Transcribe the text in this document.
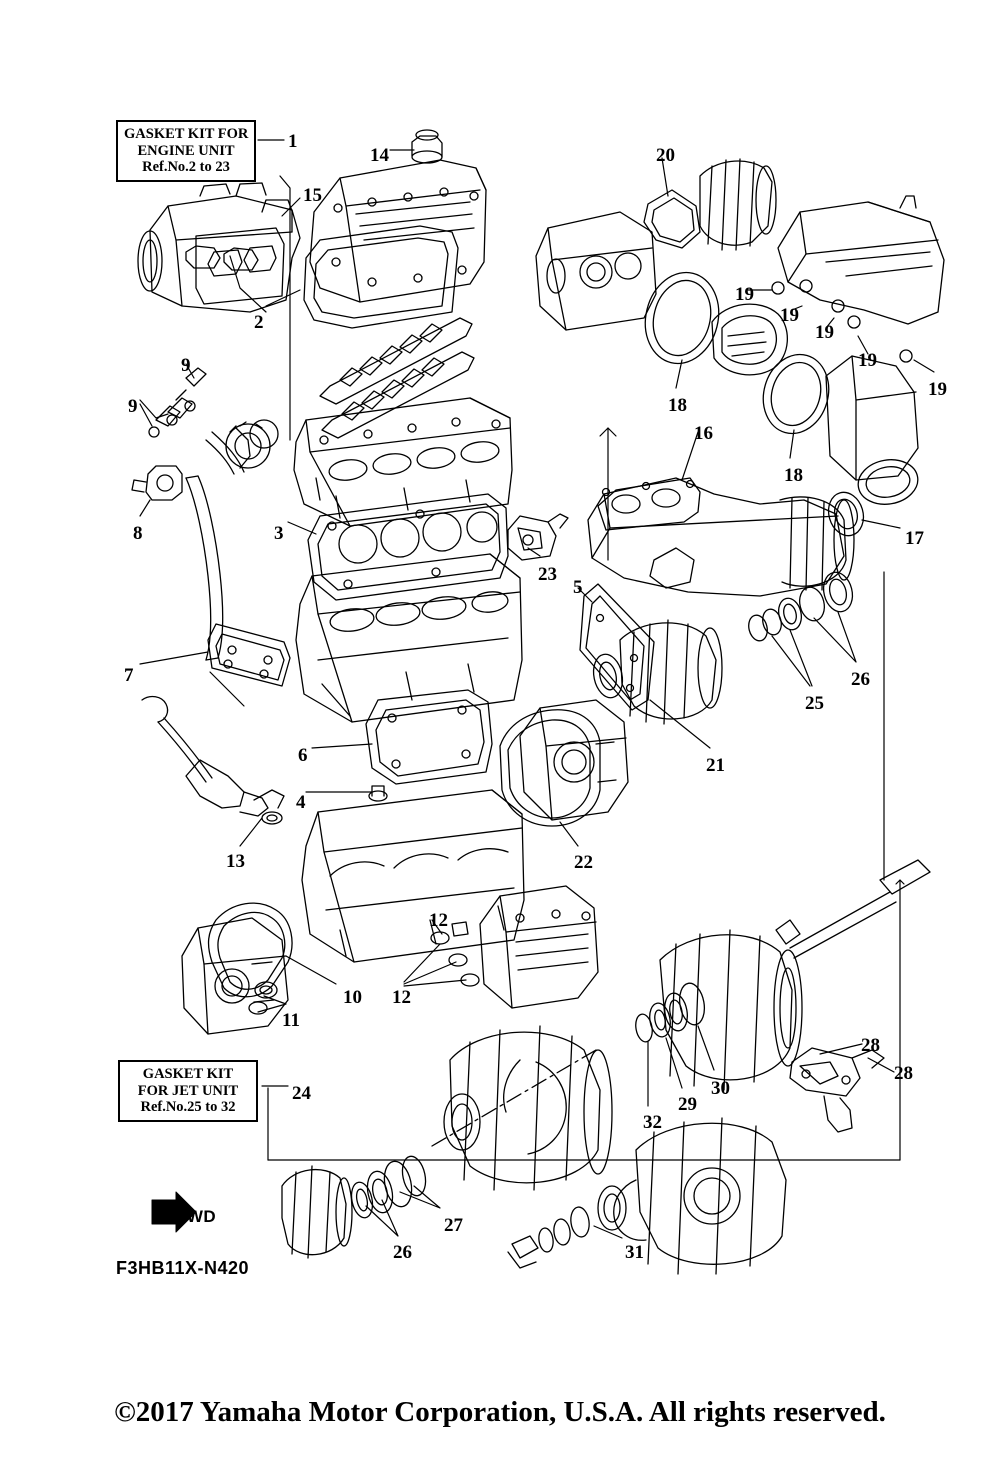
GASKET KIT FOR
ENGINE UNIT
Ref.No.2 to 23
GASKET KIT
FOR JET UNIT
Ref.No.25 to 32
FWD
F3HB11X-N420
©2017 Yamaha Motor Corporation, U.S.A. All rights reserved.
1
14	20
15
2
19
19
19
19
19
9
9	18
18
16
8	3	17
23
5
7	26
25
6	21
4
13	22
12
12
10
11
28
28
30
24
29
32
27
26	31
